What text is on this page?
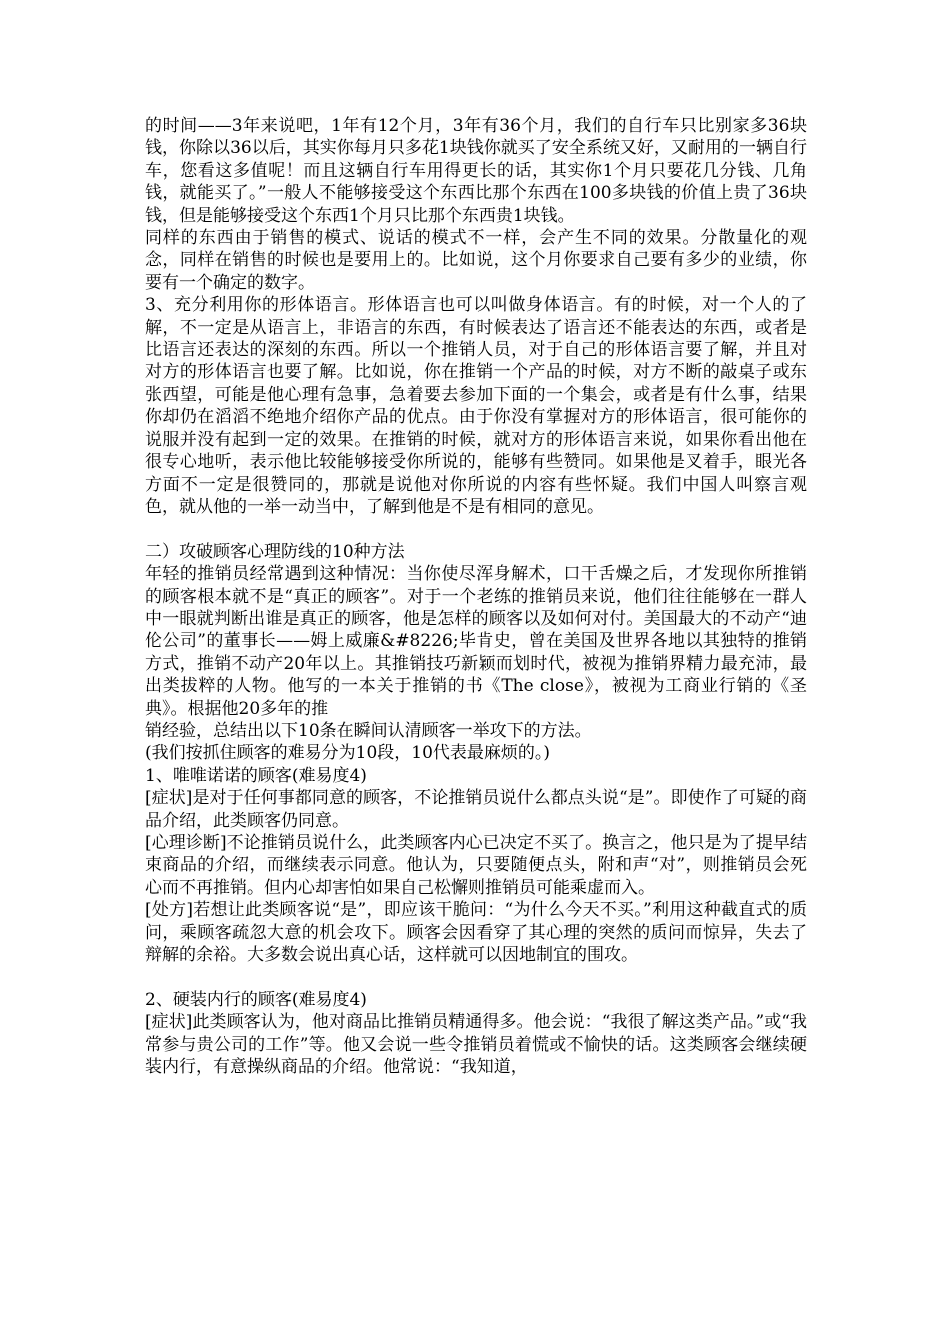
的时间——3年来说吧，1年有12个月，3年有36个月，我们的自行车只比别家多36块钱，你除以36以后，其实你每月只多花1块钱你就买了安全系统又好，又耐用的一辆自行车，您看这多值呢！而且这辆自行车用得更长的话，其实你1个月只要花几分钱、几角钱，就能买了。”一般人不能够接受这个东西比那个东西在100多块钱的价值上贵了36块钱，但是能够接受这个东西1个月只比那个东西贵1块钱。

同样的东西由于销售的模式、说话的模式不一样，会产生不同的效果。分散量化的观念，同样在销售的时候也是要用上的。比如说，这个月你要求自己要有多少的业绩，你要有一个确定的数字。

3、充分利用你的形体语言。形体语言也可以叫做身体语言。有的时候，对一个人的了解，不一定是从语言上，非语言的东西，有时候表达了语言还不能表达的东西，或者是比语言还表达的深刻的东西。所以一个推销人员，对于自己的形体语言要了解，并且对对方的形体语言也要了解。比如说，你在推销一个产品的时候，对方不断的敲桌子或东张西望，可能是他心理有急事，急着要去参加下面的一个集会，或者是有什么事，结果你却仍在滔滔不绝地介绍你产品的优点。由于你没有掌握对方的形体语言，很可能你的说服并没有起到一定的效果。在推销的时候，就对方的形体语言来说，如果你看出他在很专心地听，表示他比较能够接受你所说的，能够有些赞同。如果他是叉着手，眼光各方面不一定是很赞同的，那就是说他对你所说的内容有些怀疑。我们中国人叫察言观色，就从他的一举一动当中，了解到他是不是有相同的意见。

二）攻破顾客心理防线的10种方法

年轻的推销员经常遇到这种情况：当你使尽浑身解术，口干舌燥之后，才发现你所推销的顾客根本就不是“真正的顾客”。对于一个老练的推销员来说，他们往往能够在一群人中一眼就判断出谁是真正的顾客，他是怎样的顾客以及如何对付。美国最大的不动产“迪伦公司”的董事长——姆上威廉&#8226;毕肯史，曾在美国及世界各地以其独特的推销方式，推销不动产20年以上。其推销技巧新颖而划时代，被视为推销界精力最充沛，最出类拔粹的人物。他写的一本关于推销的书《The close》，被视为工商业行销的《圣典》。根据他20多年的推

销经验，总结出以下10条在瞬间认清顾客一举攻下的方法。

(我们按抓住顾客的难易分为10段，10代表最麻烦的。)

1、唯唯诺诺的顾客(难易度4)

[症状]是对于任何事都同意的顾客，不论推销员说什么都点头说“是”。即使作了可疑的商品介绍，此类顾客仍同意。

[心理诊断]不论推销员说什么，此类顾客内心已决定不买了。换言之，他只是为了提早结束商品的介绍，而继续表示同意。他认为，只要随便点头，附和声“对”，则推销员会死心而不再推销。但内心却害怕如果自己松懈则推销员可能乘虚而入。

[处方]若想让此类顾客说“是”，即应该干脆问：“为什么今天不买。”利用这种截直式的质问，乘顾客疏忽大意的机会攻下。顾客会因看穿了其心理的突然的质问而惊异，失去了辩解的余裕。大多数会说出真心话，这样就可以因地制宜的围攻。

2、硬装内行的顾客(难易度4)

[症状]此类顾客认为，他对商品比推销员精通得多。他会说：“我很了解这类产品。”或“我常参与贵公司的工作”等。他又会说一些令推销员着慌或不愉快的话。这类顾客会继续硬装内行，有意操纵商品的介绍。他常说：“我知道，
